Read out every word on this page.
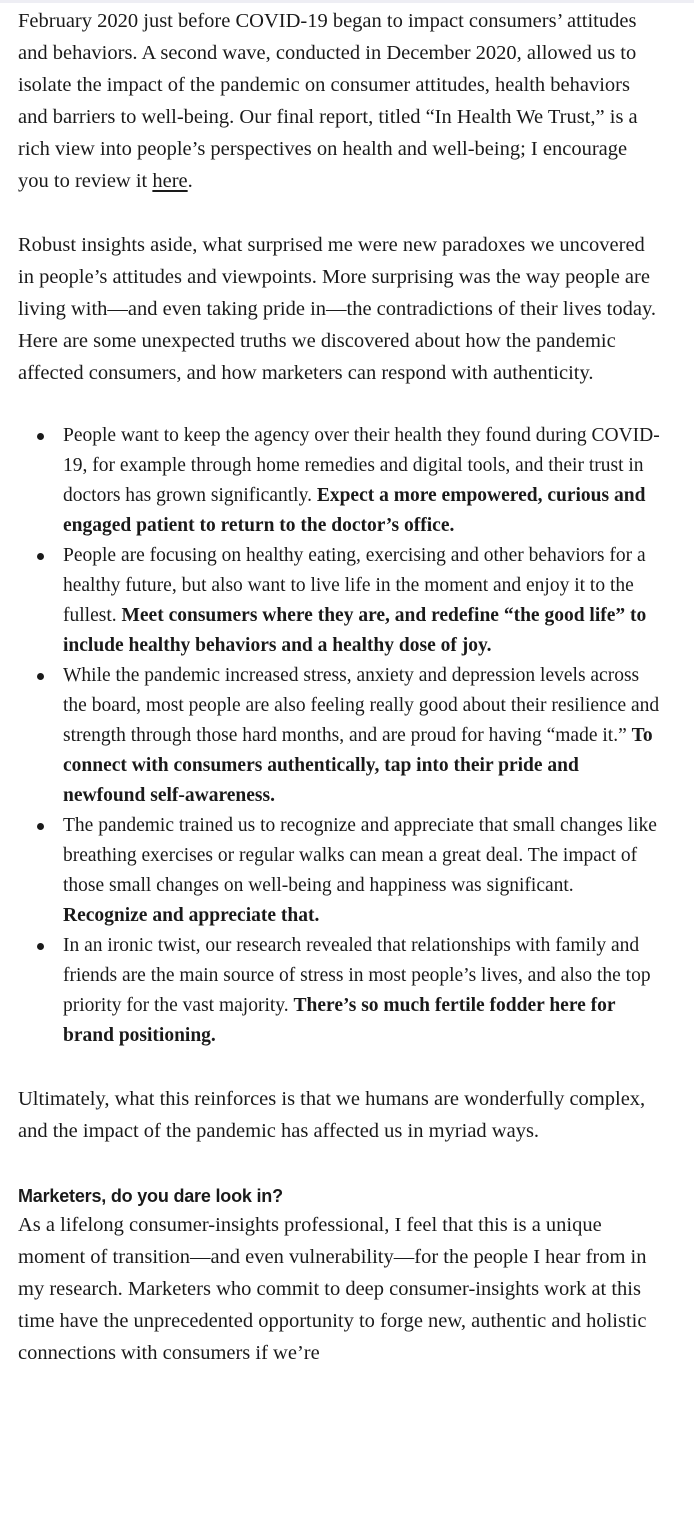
February 2020 just before COVID-19 began to impact consumers’ attitudes and behaviors. A second wave, conducted in December 2020, allowed us to isolate the impact of the pandemic on consumer attitudes, health behaviors and barriers to well-being. Our final report, titled “In Health We Trust,” is a rich view into people’s perspectives on health and well-being; I encourage you to review it here.

Robust insights aside, what surprised me were new paradoxes we uncovered in people’s attitudes and viewpoints. More surprising was the way people are living with—and even taking pride in—the contradictions of their lives today. Here are some unexpected truths we discovered about how the pandemic affected consumers, and how marketers can respond with authenticity.

People want to keep the agency over their health they found during COVID-19, for example through home remedies and digital tools, and their trust in doctors has grown significantly. Expect a more empowered, curious and engaged patient to return to the doctor’s office.
People are focusing on healthy eating, exercising and other behaviors for a healthy future, but also want to live life in the moment and enjoy it to the fullest. Meet consumers where they are, and redefine “the good life” to include healthy behaviors and a healthy dose of joy.
While the pandemic increased stress, anxiety and depression levels across the board, most people are also feeling really good about their resilience and strength through those hard months, and are proud for having “made it.” To connect with consumers authentically, tap into their pride and newfound self-awareness.
The pandemic trained us to recognize and appreciate that small changes like breathing exercises or regular walks can mean a great deal. The impact of those small changes on well-being and happiness was significant. Recognize and appreciate that.
In an ironic twist, our research revealed that relationships with family and friends are the main source of stress in most people’s lives, and also the top priority for the vast majority. There’s so much fertile fodder here for brand positioning.

Ultimately, what this reinforces is that we humans are wonderfully complex, and the impact of the pandemic has affected us in myriad ways.

Marketers, do you dare look in?

As a lifelong consumer-insights professional, I feel that this is a unique moment of transition—and even vulnerability—for the people I hear from in my research. Marketers who commit to deep consumer-insights work at this time have the unprecedented opportunity to forge new, authentic and holistic connections with consumers if we’re
